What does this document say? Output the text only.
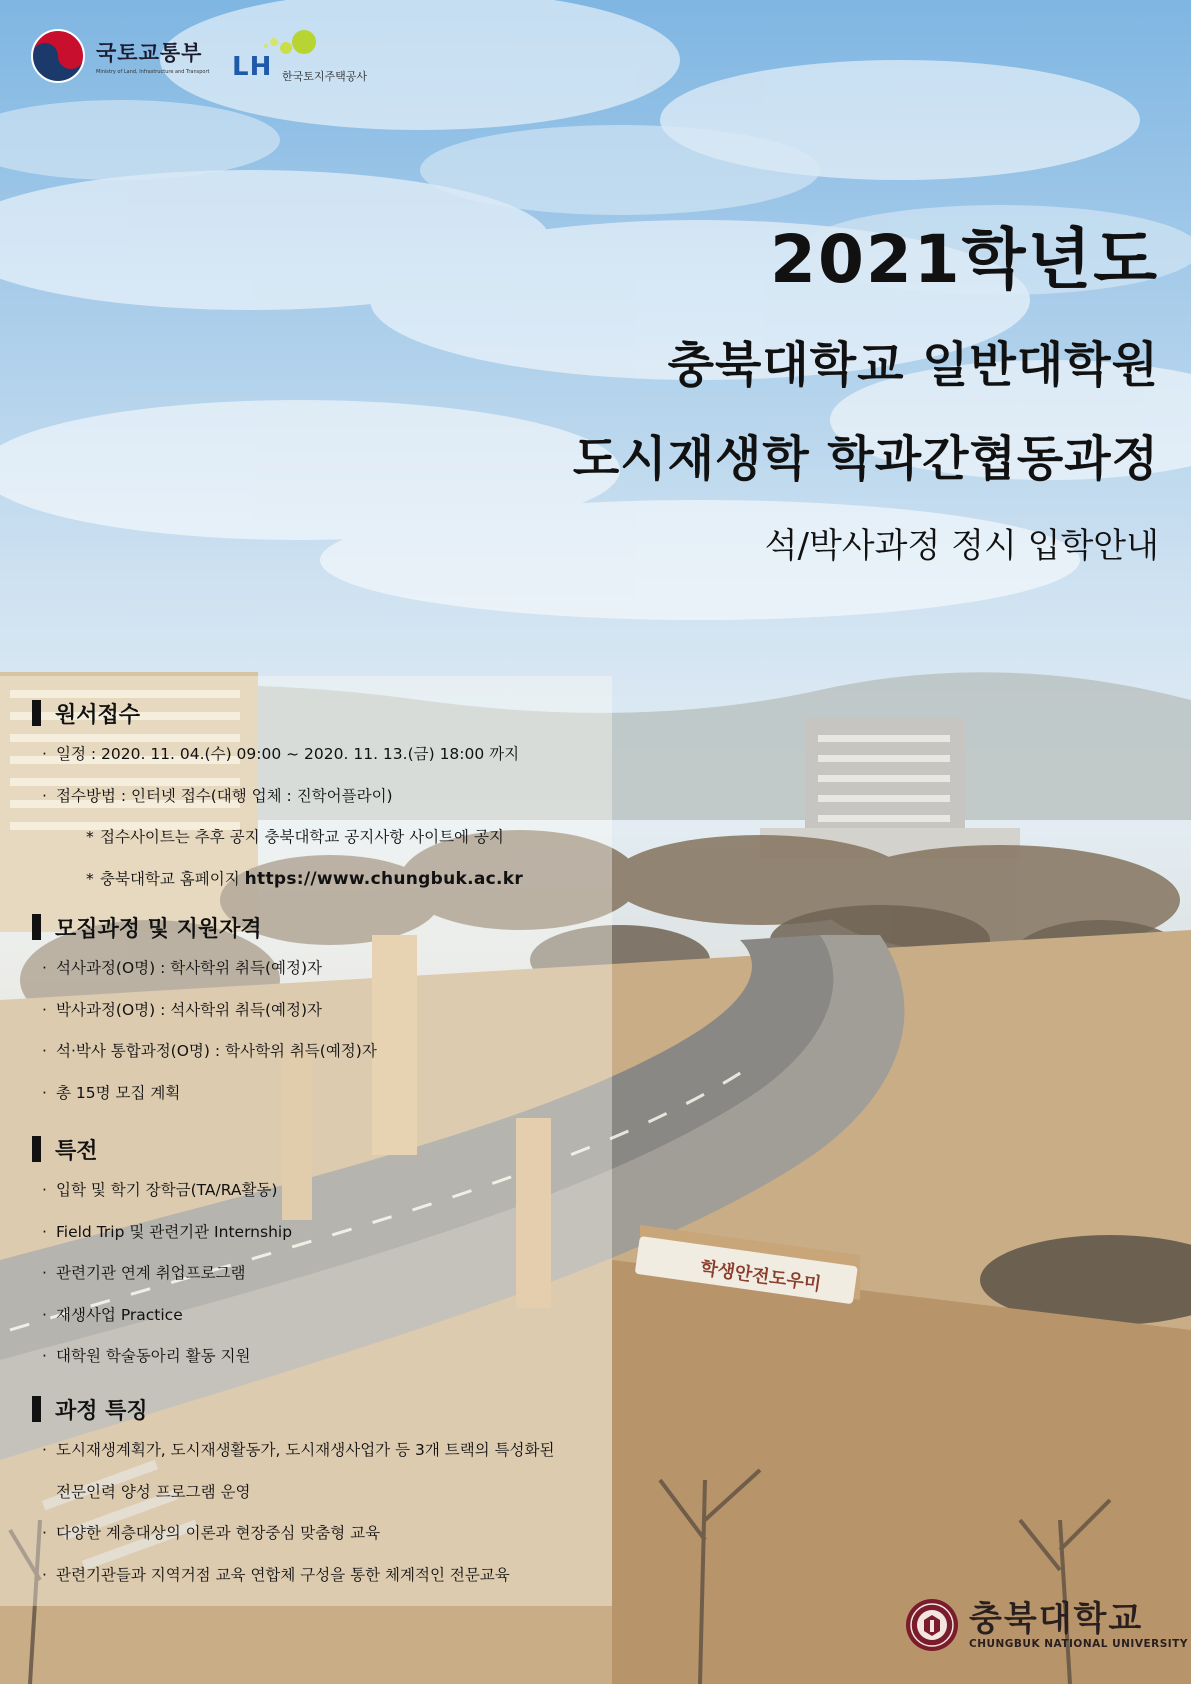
학생안전도우미
국토교통부
Ministry of Land, Infrastructure and Transport LH 한국토지주택공사
2021학년도
충북대학교 일반대학원
도시재생학 학과간협동과정
석/박사과정 정시 입학안내
원서접수
· 일정 : 2020. 11. 04.(수) 09:00 ~ 2020. 11. 13.(금) 18:00 까지
· 접수방법 : 인터넷 접수(대행 업체 : 진학어플라이)
* 접수사이트는 추후 공지 충북대학교 공지사항 사이트에 공지
* 충북대학교 홈페이지 https://www.chungbuk.ac.kr
모집과정 및 지원자격
· 석사과정(O명) : 학사학위 취득(예정)자
· 박사과정(O명) : 석사학위 취득(예정)자
· 석·박사 통합과정(O명) : 학사학위 취득(예정)자
· 총 15명 모집 계획
특전
· 입학 및 학기 장학금(TA/RA활동)
· Field Trip 및 관련기관 Internship
· 관련기관 연계 취업프로그램
· 재생사업 Practice
· 대학원 학술동아리 활동 지원
과정 특징
· 도시재생계획가, 도시재생활동가, 도시재생사업가 등 3개 트랙의 특성화된
전문인력 양성 프로그램 운영
· 다양한 계층대상의 이론과 현장중심 맞춤형 교육
· 관련기관들과 지역거점 교육 연합체 구성을 통한 체계적인 전문교육
충북대학교
CHUNGBUK NATIONAL UNIVERSITY
